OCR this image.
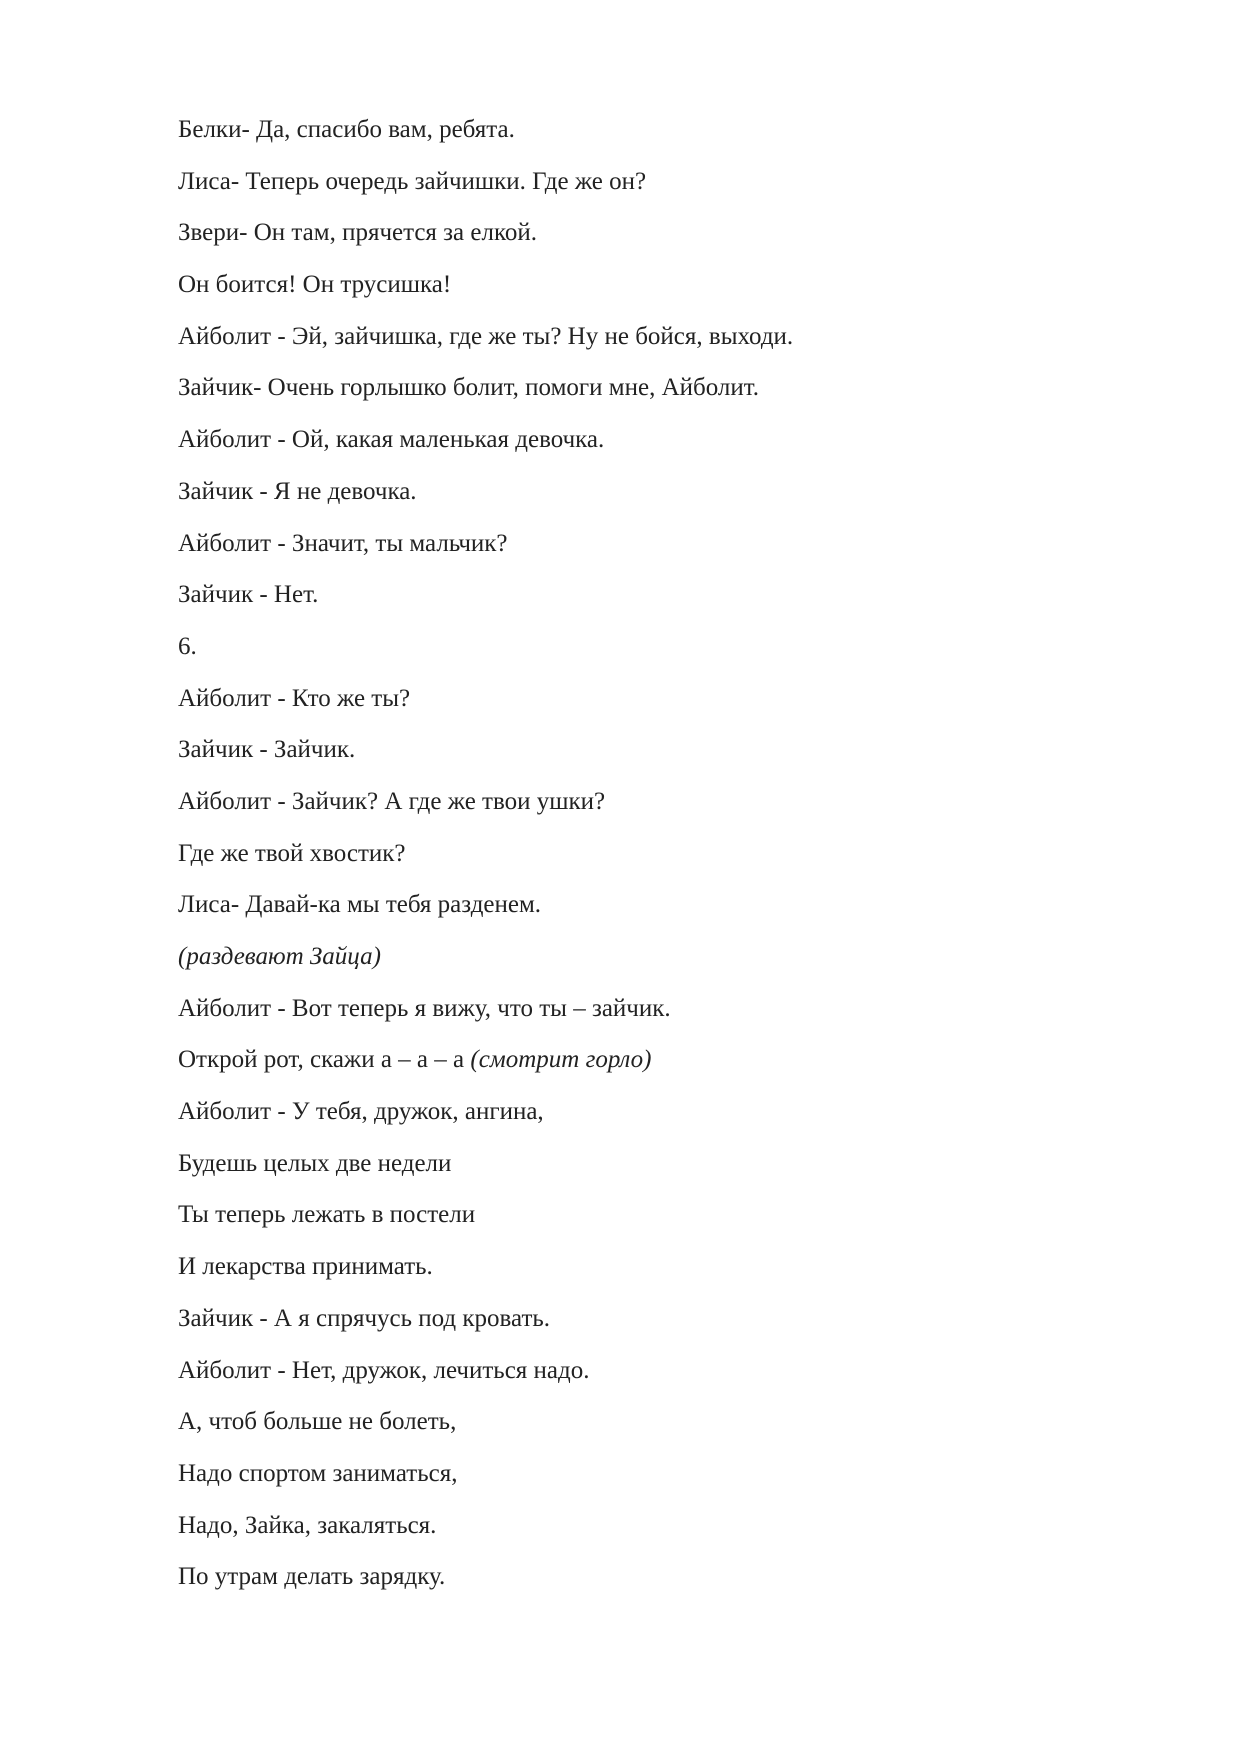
Белки- Да, спасибо вам, ребята.
Лиса- Теперь очередь зайчишки. Где же он?
Звери- Он там, прячется за елкой.
Он боится! Он трусишка!
Айболит - Эй, зайчишка, где же ты? Ну не бойся, выходи.
Зайчик- Очень горлышко болит, помоги мне, Айболит.
Айболит - Ой, какая маленькая девочка.
Зайчик - Я не девочка.
Айболит - Значит, ты мальчик?
Зайчик - Нет.
6.
Айболит - Кто же ты?
Зайчик - Зайчик.
Айболит - Зайчик? А где же твои ушки?
Где же твой хвостик?
Лиса- Давай-ка мы тебя разденем.
(раздевают Зайца)
Айболит - Вот теперь я вижу, что ты – зайчик.
Открой рот, скажи а – а – а (смотрит горло)
Айболит - У тебя, дружок, ангина,
Будешь целых две недели
Ты теперь лежать в постели
И лекарства принимать.
Зайчик - А я спрячусь под кровать.
Айболит - Нет, дружок, лечиться надо.
А, чтоб больше не болеть,
Надо спортом заниматься,
Надо, Зайка, закаляться.
По утрам делать зарядку.
